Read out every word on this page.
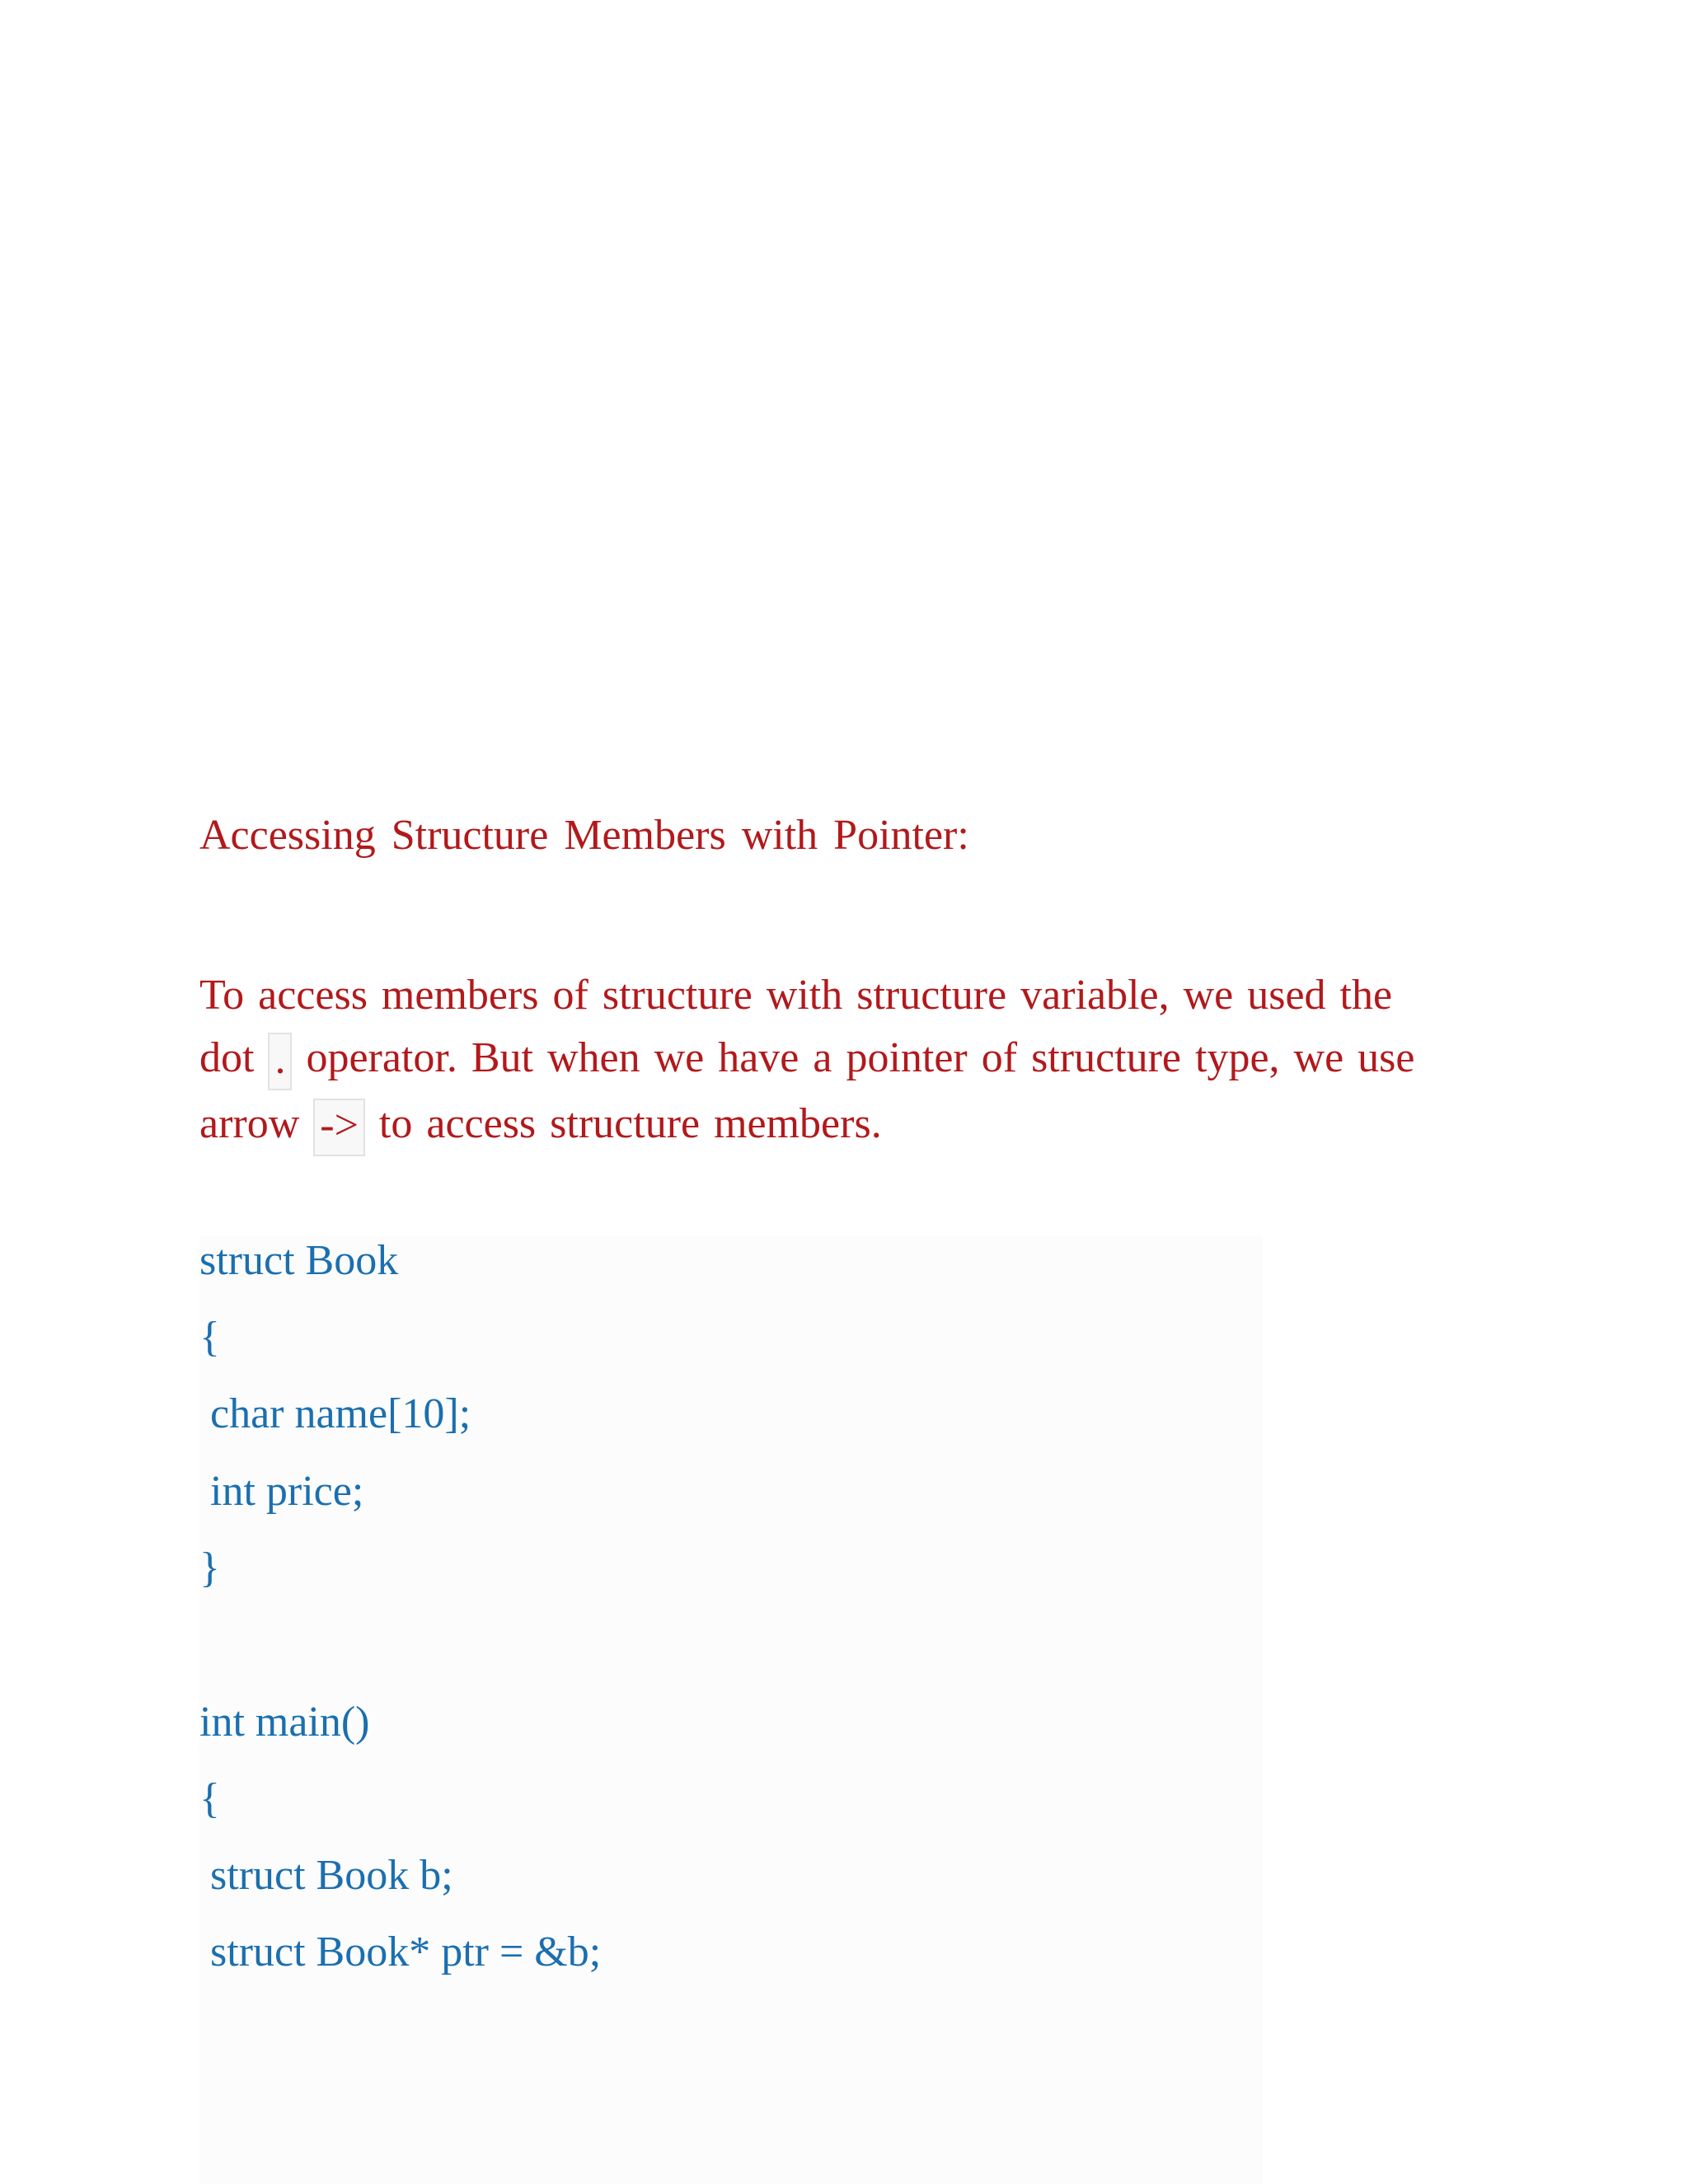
Accessing Structure Members with Pointer:
To access members of structure with structure variable, we used the
dot . operator. But when we have a pointer of structure type, we use
arrow -> to access structure members.
struct Book
{
char name[10];
int price;
}
int main()
{
struct Book b;
struct Book* ptr = &b;
